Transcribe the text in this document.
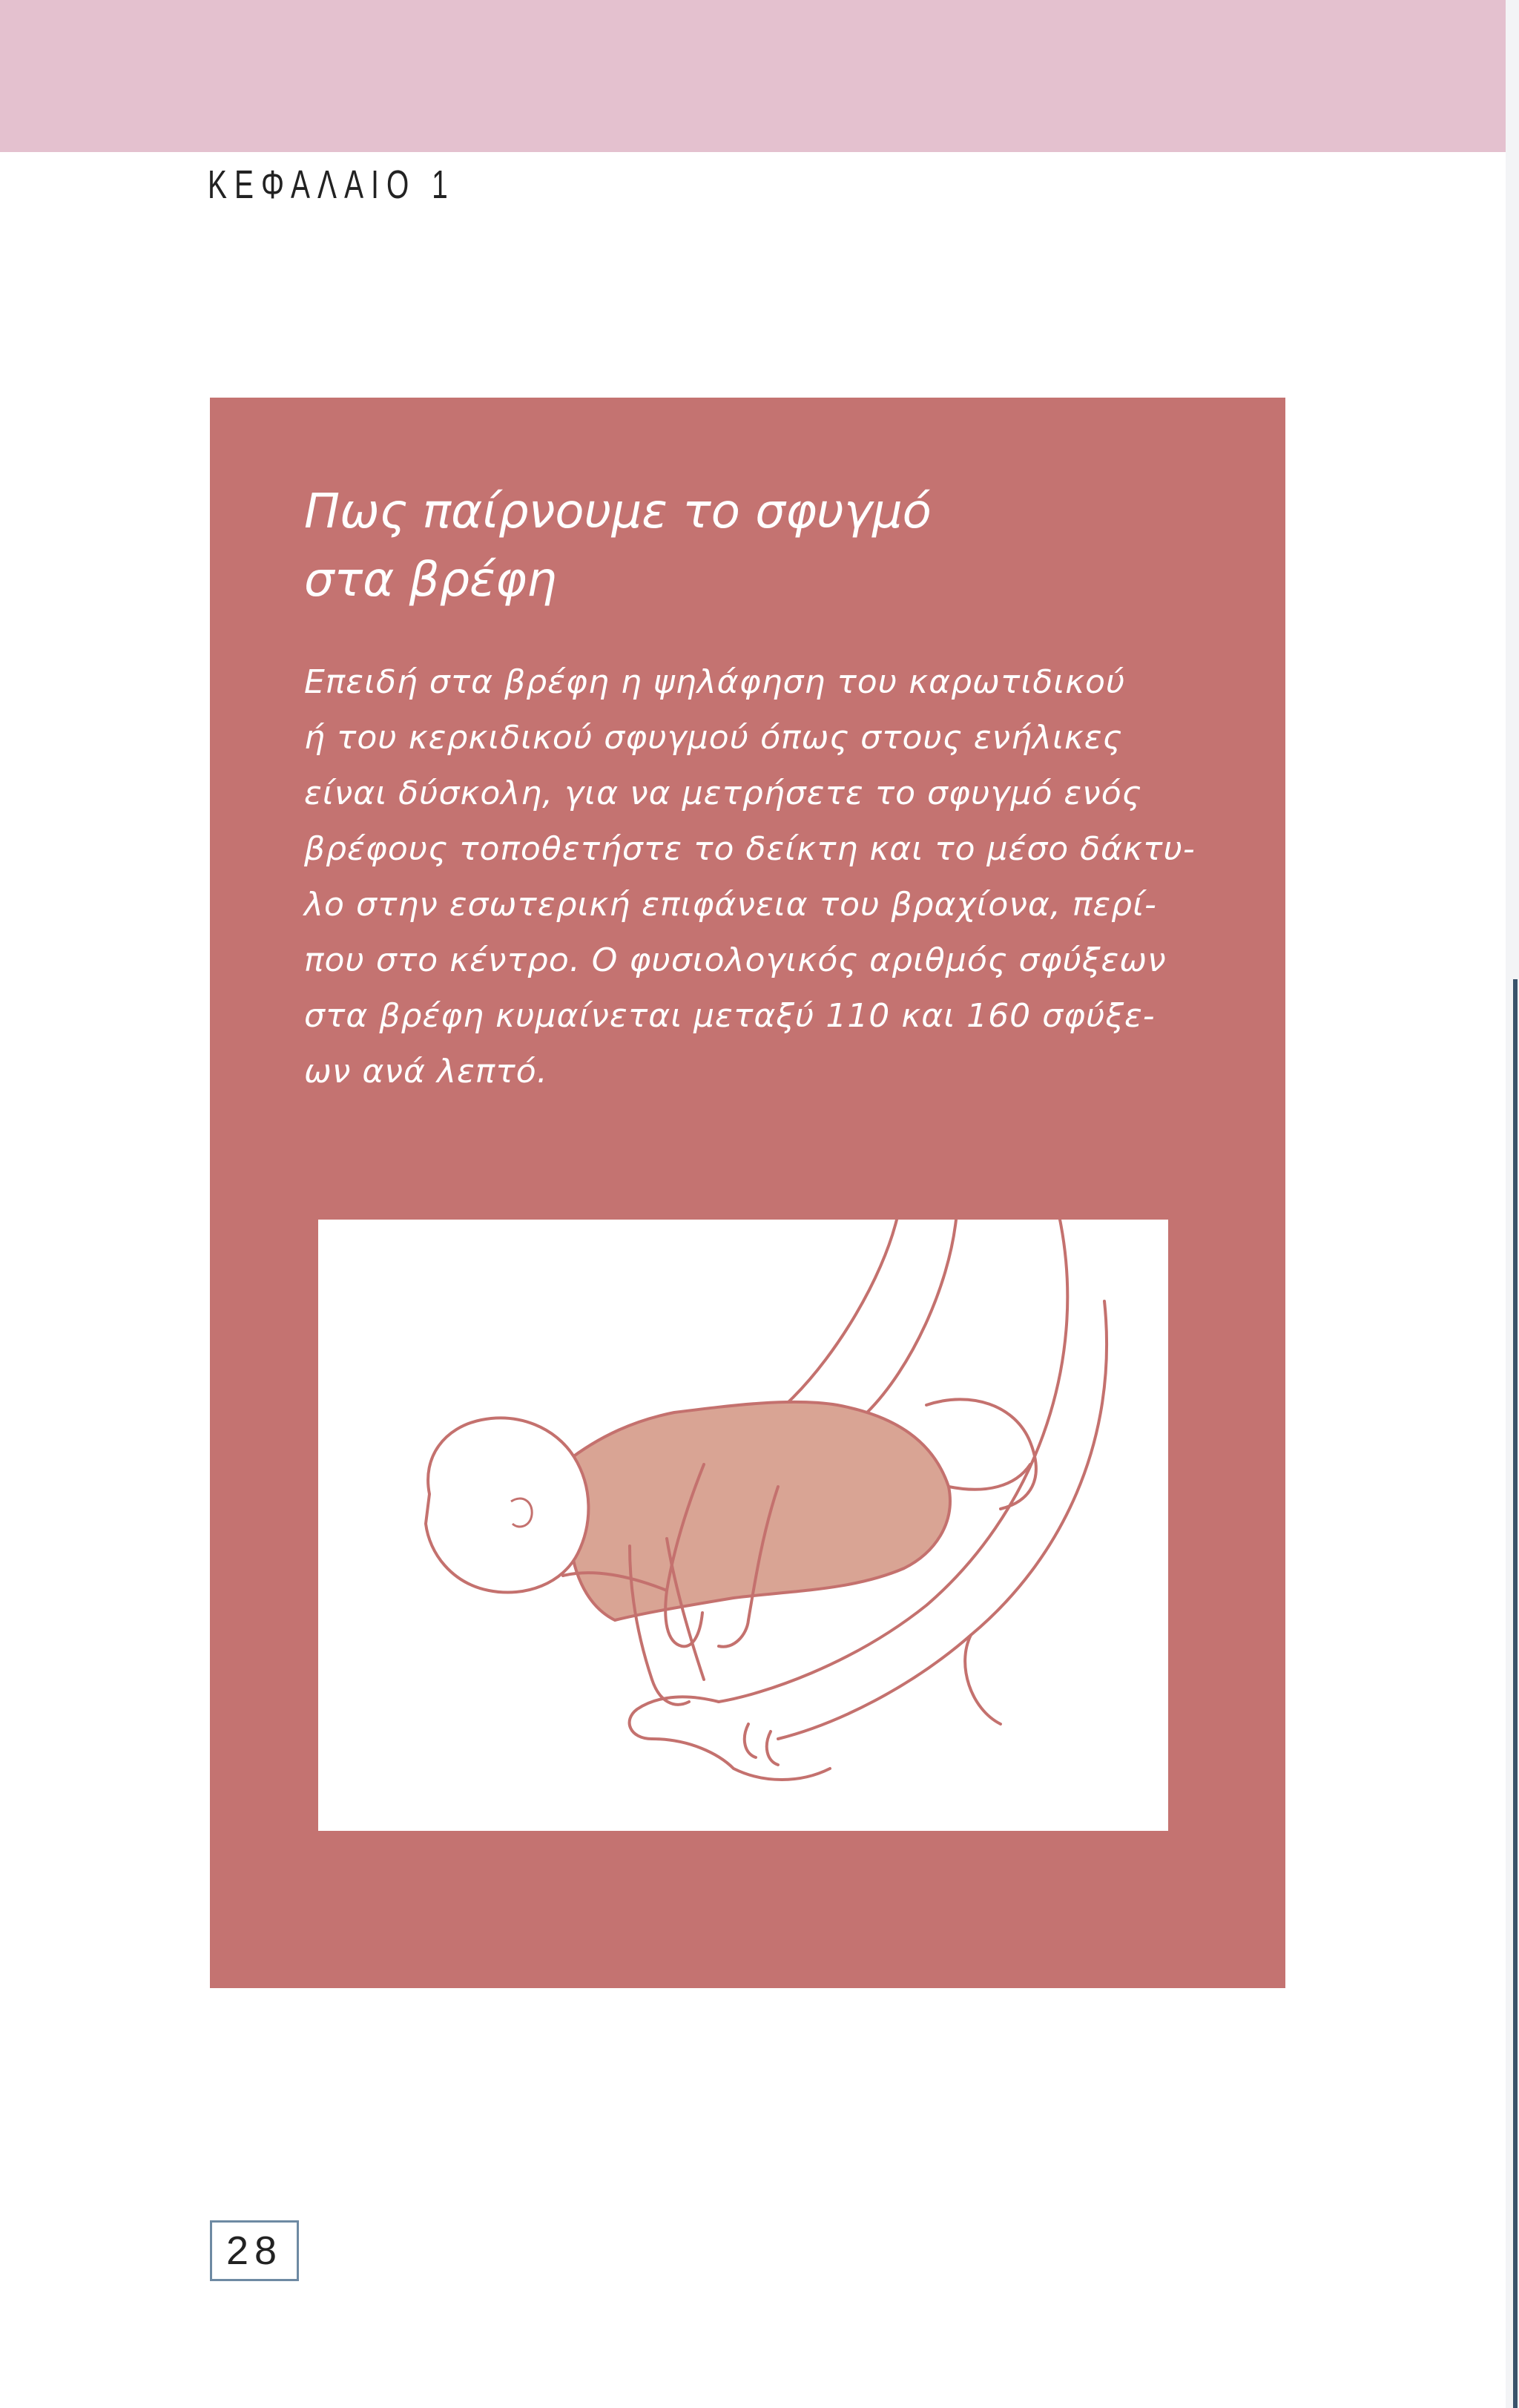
ΚΕΦΑΛΑΙΟ 1
Πως παίρνουμε το σφυγμό
στα βρέφη

Επειδή στα βρέφη η ψηλάφηση του καρωτιδικού
ή του κερκιδικού σφυγμού όπως στους ενήλικες
είναι δύσκολη, για να μετρήσετε το σφυγμό ενός
βρέφους τοποθετήστε το δείκτη και το μέσο δάκτυ-
λο στην εσωτερική επιφάνεια του βραχίονα, περί-
που στο κέντρο. Ο φυσιολογικός αριθμός σφύξεων
στα βρέφη κυμαίνεται μεταξύ 110 και 160 σφύξε-
ων ανά λεπτό.

28
